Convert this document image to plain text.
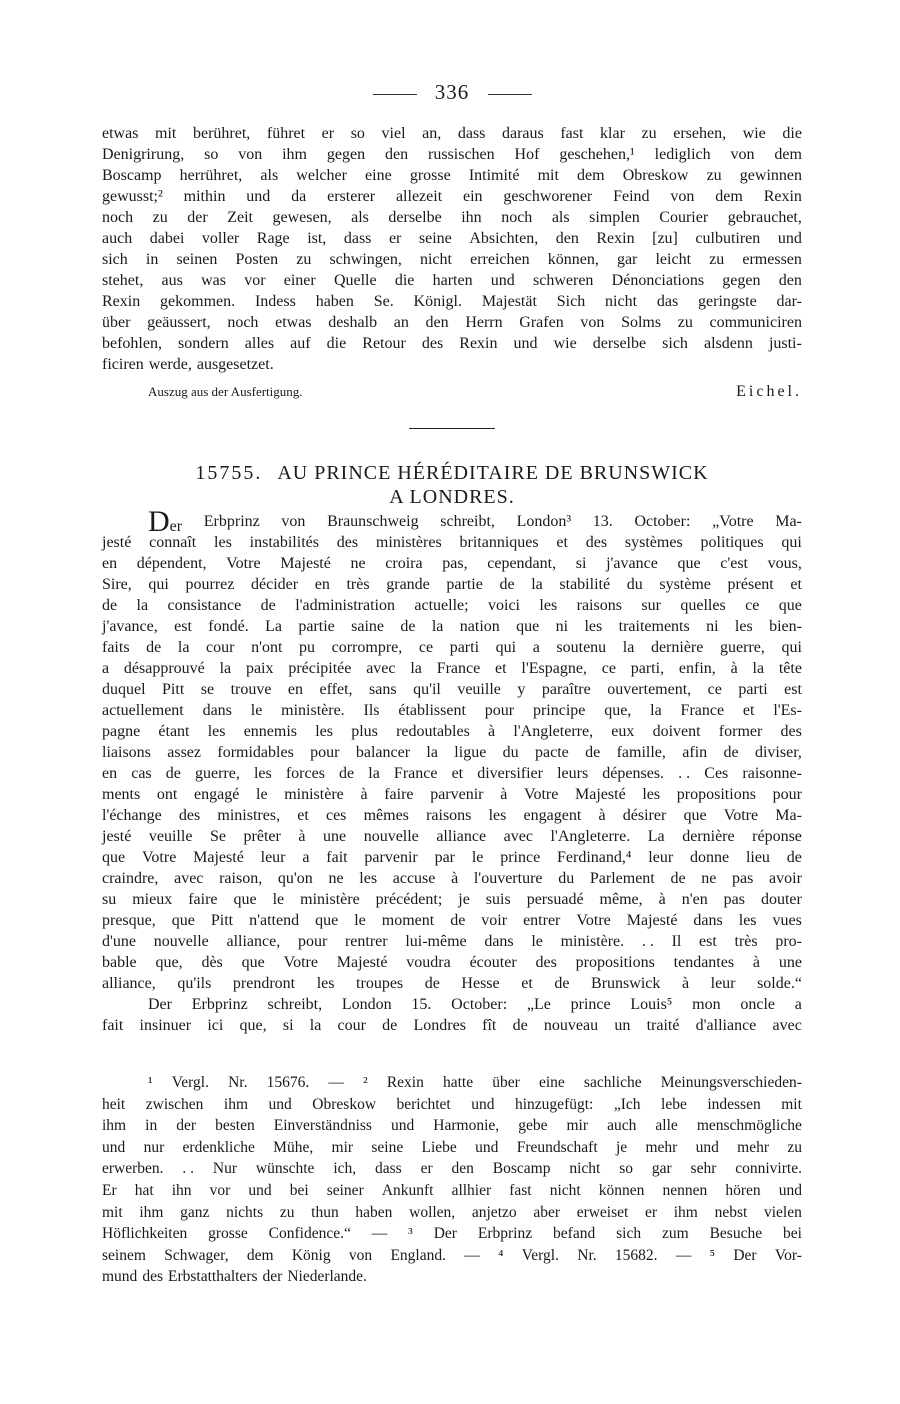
336
etwas mit berühret, führet er so viel an, dass daraus fast klar zu ersehen, wie die
Denigrirung, so von ihm gegen den russischen Hof geschehen,¹ lediglich von dem
Boscamp herrühret, als welcher eine grosse Intimité mit dem Obreskow zu gewinnen
gewusst;² mithin und da ersterer allezeit ein geschworener Feind von dem Rexin
noch zu der Zeit gewesen, als derselbe ihn noch als simplen Courier gebrauchet,
auch dabei voller Rage ist, dass er seine Absichten, den Rexin [zu] culbutiren und
sich in seinen Posten zu schwingen, nicht erreichen können, gar leicht zu ermessen
stehet, aus was vor einer Quelle die harten und schweren Dénonciations gegen den
Rexin gekommen. Indess haben Se. Königl. Majestät Sich nicht das geringste dar-
über geäussert, noch etwas deshalb an den Herrn Grafen von Solms zu communiciren
befohlen, sondern alles auf die Retour des Rexin und wie derselbe sich alsdenn justi-
ficiren werde, ausgesetzet.
Auszug aus der Ausfertigung.	Eichel.
15755. AU PRINCE HÉRÉDITAIRE DE BRUNSWICK
A LONDRES.
Der Erbprinz von Braunschweig schreibt, London³ 13. October: „Votre Ma-
jesté connaît les instabilités des ministères britanniques et des systèmes politiques qui
en dépendent, Votre Majesté ne croira pas, cependant, si j'avance que c'est vous,
Sire, qui pourrez décider en très grande partie de la stabilité du système présent et
de la consistance de l'administration actuelle; voici les raisons sur quelles ce que
j'avance, est fondé. La partie saine de la nation que ni les traitements ni les bien-
faits de la cour n'ont pu corrompre, ce parti qui a soutenu la dernière guerre, qui
a désapprouvé la paix précipitée avec la France et l'Espagne, ce parti, enfin, à la tête
duquel Pitt se trouve en effet, sans qu'il veuille y paraître ouvertement, ce parti est
actuellement dans le ministère. Ils établissent pour principe que, la France et l'Es-
pagne étant les ennemis les plus redoutables à l'Angleterre, eux doivent former des
liaisons assez formidables pour balancer la ligue du pacte de famille, afin de diviser,
en cas de guerre, les forces de la France et diversifier leurs dépenses. . . Ces raisonne-
ments ont engagé le ministère à faire parvenir à Votre Majesté les propositions pour
l'échange des ministres, et ces mêmes raisons les engagent à désirer que Votre Ma-
jesté veuille Se prêter à une nouvelle alliance avec l'Angleterre. La dernière réponse
que Votre Majesté leur a fait parvenir par le prince Ferdinand,⁴ leur donne lieu de
craindre, avec raison, qu'on ne les accuse à l'ouverture du Parlement de ne pas avoir
su mieux faire que le ministère précédent; je suis persuadé même, à n'en pas douter
presque, que Pitt n'attend que le moment de voir entrer Votre Majesté dans les vues
d'une nouvelle alliance, pour rentrer lui-même dans le ministère. . . Il est très pro-
bable que, dès que Votre Majesté voudra écouter des propositions tendantes à une
alliance, qu'ils prendront les troupes de Hesse et de Brunswick à leur solde.“
Der Erbprinz schreibt, London 15. October: „Le prince Louis⁵ mon oncle a
fait insinuer ici que, si la cour de Londres fît de nouveau un traité d'alliance avec
¹ Vergl. Nr. 15676. — ² Rexin hatte über eine sachliche Meinungsverschieden-
heit zwischen ihm und Obreskow berichtet und hinzugefügt: „Ich lebe indessen mit
ihm in der besten Einverständniss und Harmonie, gebe mir auch alle menschmögliche
und nur erdenkliche Mühe, mir seine Liebe und Freundschaft je mehr und mehr zu
erwerben. . . Nur wünschte ich, dass er den Boscamp nicht so gar sehr connivirte.
Er hat ihn vor und bei seiner Ankunft allhier fast nicht können nennen hören und
mit ihm ganz nichts zu thun haben wollen, anjetzo aber erweiset er ihm nebst vielen
Höflichkeiten grosse Confidence.“ — ³ Der Erbprinz befand sich zum Besuche bei
seinem Schwager, dem König von England. — ⁴ Vergl. Nr. 15682. — ⁵ Der Vor-
mund des Erbstatthalters der Niederlande.
